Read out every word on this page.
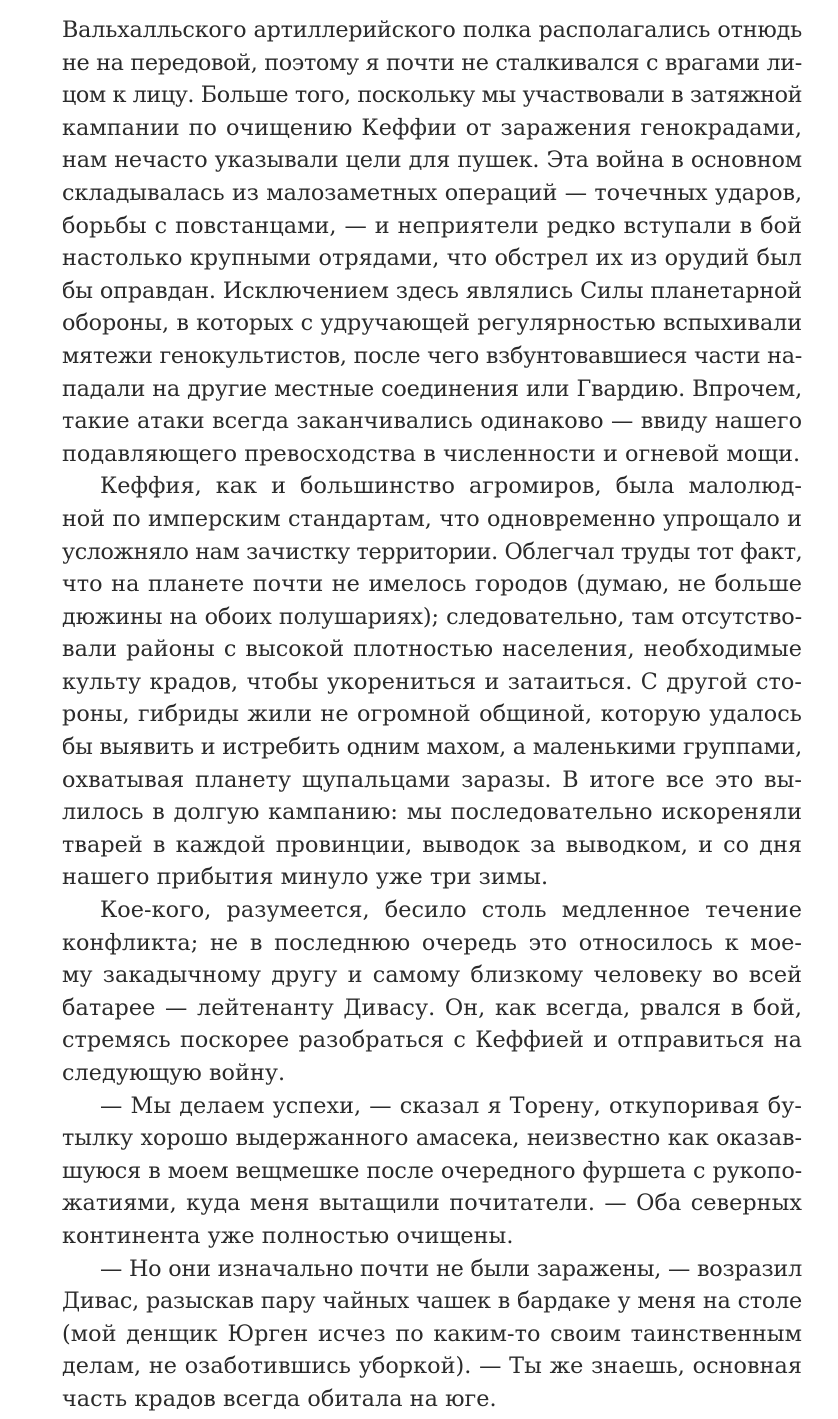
Вальхалльского артиллерийского полка располагались отнюдь
не на передовой, поэтому я почти не сталкивался с врагами ли-
цом к лицу. Больше того, поскольку мы участвовали в затяжной
кампании по очищению Кеффии от заражения генокрадами,
нам нечасто указывали цели для пушек. Эта война в основном
складывалась из малозаметных операций — точечных ударов,
борьбы с повстанцами, — и неприятели редко вступали в бой
настолько крупными отрядами, что обстрел их из орудий был
бы оправдан. Исключением здесь являлись Силы планетарной
обороны, в которых с удручающей регулярностью вспыхивали
мятежи генокультистов, после чего взбунтовавшиеся части на-
падали на другие местные соединения или Гвардию. Впрочем,
такие атаки всегда заканчивались одинаково — ввиду нашего
подавляющего превосходства в численности и огневой мощи.
Кеффия, как и большинство агромиров, была малолюд-
ной по имперским стандартам, что одновременно упрощало и
усложняло нам зачистку территории. Облегчал труды тот факт,
что на планете почти не имелось городов (думаю, не больше
дюжины на обоих полушариях); следовательно, там отсутство-
вали районы с высокой плотностью населения, необходимые
культу крадов, чтобы укорениться и затаиться. С другой сто-
роны, гибриды жили не огромной общиной, которую удалось
бы выявить и истребить одним махом, а маленькими группами,
охватывая планету щупальцами заразы. В итоге все это вы-
лилось в долгую кампанию: мы последовательно искореняли
тварей в каждой провинции, выводок за выводком, и со дня
нашего прибытия минуло уже три зимы.
Кое-кого, разумеется, бесило столь медленное течение
конфликта; не в последнюю очередь это относилось к мое-
му закадычному другу и самому близкому человеку во всей
батарее — лейтенанту Дивасу. Он, как всегда, рвался в бой,
стремясь поскорее разобраться с Кеффией и отправиться на
следующую войну.
— Мы делаем успехи, — сказал я Торену, откупоривая бу-
тылку хорошо выдержанного амасека, неизвестно как оказав-
шуюся в моем вещмешке после очередного фуршета с рукопо-
жатиями, куда меня вытащили почитатели. — Оба северных
континента уже полностью очищены.
— Но они изначально почти не были заражены, — возразил
Дивас, разыскав пару чайных чашек в бардаке у меня на столе
(мой денщик Юрген исчез по каким-то своим таинственным
делам, не озаботившись уборкой). — Ты же знаешь, основная
часть крадов всегда обитала на юге.
